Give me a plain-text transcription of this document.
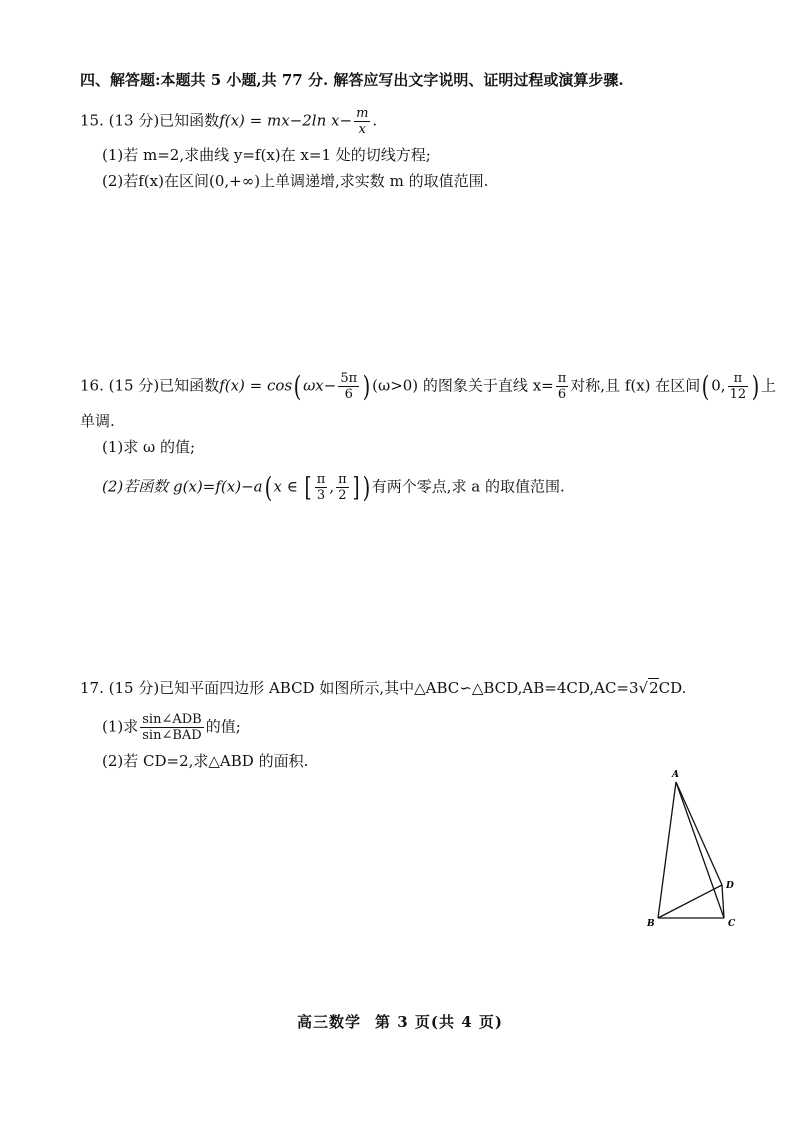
四、解答题:本题共 5 小题,共 77 分. 解答应写出文字说明、证明过程或演算步骤.
15. (13 分)已知函数f(x) = mx−2ln $x- \frac{m}{x}$ .
(1)若 m=2,求曲线 y=f(x)在 x=1 处的切线方程;
(2)若f(x)在区间(0,+∞)上单调递增,求实数 m 的取值范围.
16. (15 分)已知函数f(x) = cos( $\omega x- \frac{5\pi}{6}$ ) (ω>0) 的图象关于直线 $x= \frac{\pi}{6}$ 对称,且 f(x) 在区间( 0, $\frac{\pi}{12}$ ) 上
单调.
(1)求 ω 的值;
(2)若函数 g(x)=f(x)−a( x ∈ [ $\frac{\pi}{3}$ , $\frac{\pi}{2}$ ] ) 有两个零点,求 a 的取值范围.
17. (15 分)已知平面四边形 ABCD 如图所示,其中△ABC∽△BCD,AB=4CD,AC=3√2CD.
(1)求 $\frac{\text{sin∠ADB}}{\text{sin∠BAD}}$ 的值;
(2)若 CD=2,求△ABD 的面积.
A
B	C
D
高三数学 第 3 页(共 4 页)
